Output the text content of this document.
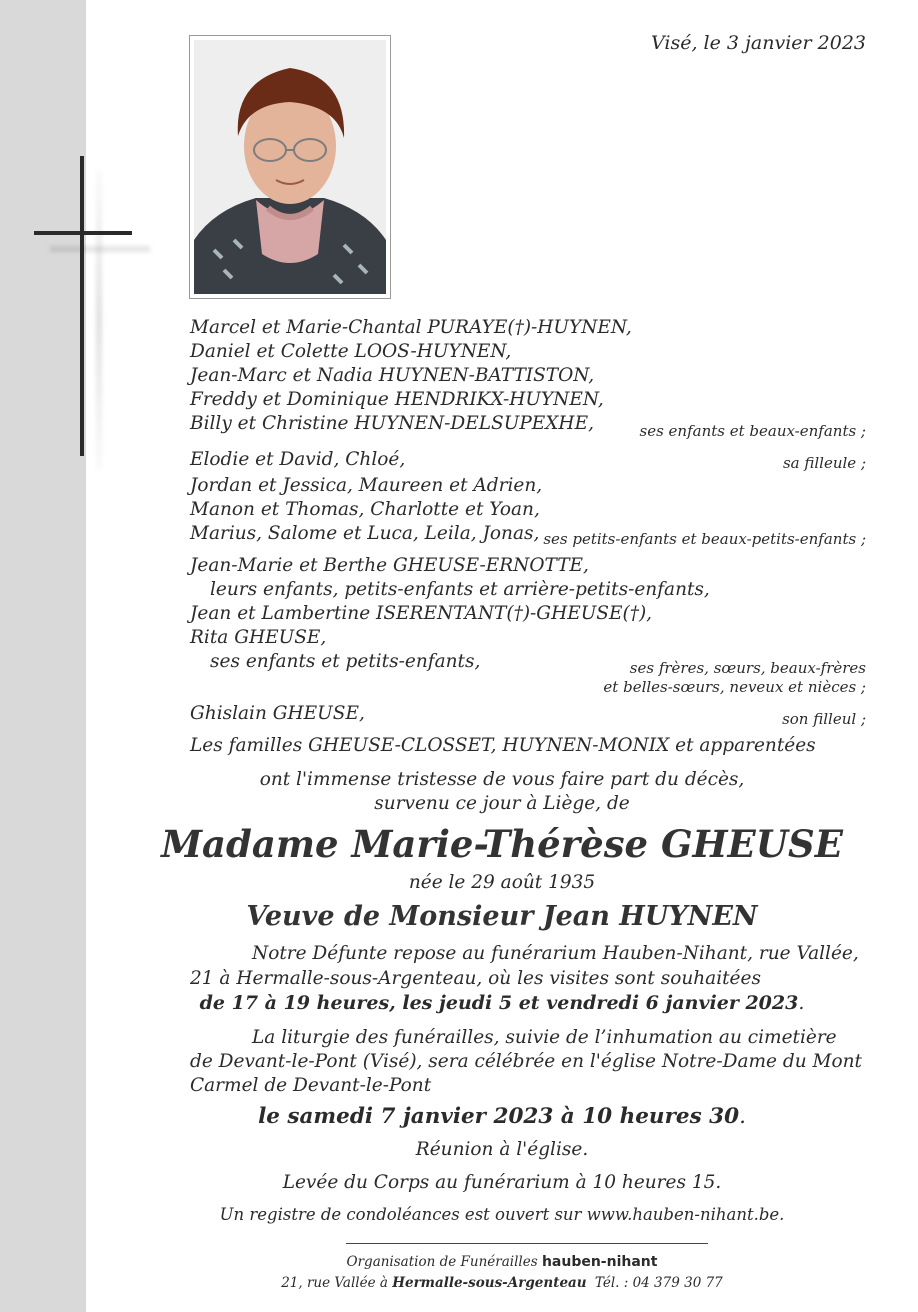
Visé, le 3 janvier 2023
Marcel et Marie-Chantal PURAYE(†)-HUYNEN,
Daniel et Colette LOOS-HUYNEN,
Jean-Marc et Nadia HUYNEN-BATTISTON,
Freddy et Dominique HENDRIKX-HUYNEN,
Billy et Christine HUYNEN-DELSUPEXHE,	ses enfants et beaux-enfants ;
Elodie et David, Chloé,	sa filleule ;
Jordan et Jessica, Maureen et Adrien,
Manon et Thomas, Charlotte et Yoan,
Marius, Salome et Luca, Leila, Jonas, ses petits-enfants et beaux-petits-enfants ;
Jean-Marie et Berthe GHEUSE-ERNOTTE,
leurs enfants, petits-enfants et arrière-petits-enfants,
Jean et Lambertine ISERENTANT(†)-GHEUSE(†),
Rita GHEUSE,
ses enfants et petits-enfants,	ses frères, sœurs, beaux-frères
et belles-sœurs, neveux et nièces ;
Ghislain GHEUSE,	son filleul ;
Les familles GHEUSE-CLOSSET, HUYNEN-MONIX et apparentées
ont l'immense tristesse de vous faire part du décès,
survenu ce jour à Liège, de
Madame Marie-Thérèse GHEUSE
née le 29 août 1935
Veuve de Monsieur Jean HUYNEN
Notre Défunte repose au funérarium Hauben-Nihant, rue Vallée,
21 à Hermalle-sous-Argenteau, où les visites sont souhaitées
de 17 à 19 heures, les jeudi 5 et vendredi 6 janvier 2023.
La liturgie des funérailles, suivie de l’inhumation au cimetière
de Devant-le-Pont (Visé), sera célébrée en l'église Notre-Dame du Mont
Carmel de Devant-le-Pont
le samedi 7 janvier 2023 à 10 heures 30.
Réunion à l'église.
Levée du Corps au funérarium à 10 heures 15.
Un registre de condoléances est ouvert sur www.hauben-nihant.be.
Organisation de Funérailles hauben-nihant
21, rue Vallée à Hermalle-sous-Argenteau Tél. : 04 379 30 77
